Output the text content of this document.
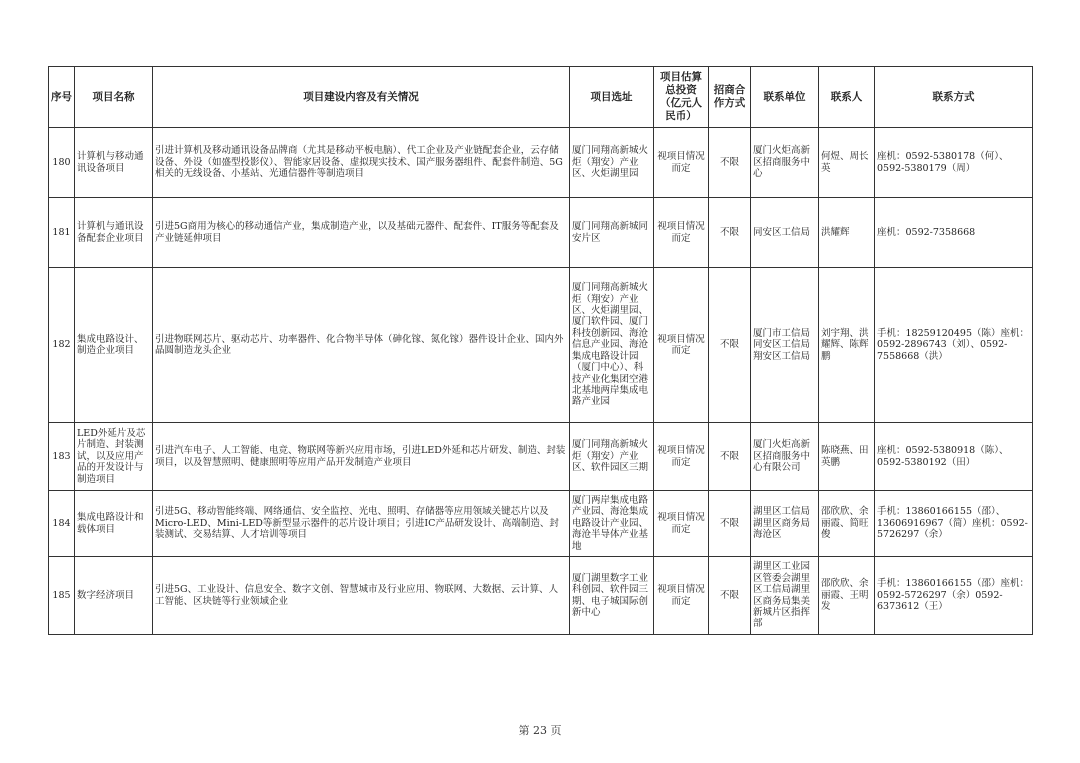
序号	项目名称	项目建设内容及有关情况	项目选址	项目估算总投资（亿元人民币）	招商合作方式	联系单位	联系人	联系方式
180	计算机与移动通讯设备项目	引进计算机及移动通讯设备品牌商（尤其是移动平板电脑）、代工企业及产业链配套企业，云存储设备、外设（如盛型投影仪）、智能家居设备、虚拟现实技术、国产服务器组件、配套件制造、5G相关的无线设备、小基站、光通信器件等制造项目	厦门同翔高新城火炬（翔安）产业区、火炬湖里园	视项目情况而定	不限	厦门火炬高新区招商服务中心	何煜、周长英	座机：0592-5380178（何）、0592-5380179（周）
181	计算机与通讯设备配套企业项目	引进5G商用为核心的移动通信产业，集成制造产业，以及基础元器件、配套件、IT服务等配套及产业链延伸项目	厦门同翔高新城同安片区	视项目情况而定	不限	同安区工信局	洪耀辉	座机：0592-7358668
182	集成电路设计、制造企业项目	引进物联网芯片、驱动芯片、功率器件、化合物半导体（砷化镓、氮化镓）器件设计企业、国内外晶圆制造龙头企业	厦门同翔高新城火炬（翔安）产业区、火炬湖里园、厦门软件园、厦门科技创新园、海沧信息产业园、海沧集成电路设计园（厦门中心）、科技产业化集团空港北基地两岸集成电路产业园	视项目情况而定	不限	厦门市工信局同安区工信局翔安区工信局	刘宇翔、洪耀辉、陈辉鹏	手机：18259120495（陈）座机：0592-2896743（刘）、0592-7558668（洪）
183	LED外延片及芯片制造、封装测试，以及应用产品的开发设计与制造项目	引进汽车电子、人工智能、电竞、物联网等新兴应用市场，引进LED外延和芯片研发、制造、封装项目，以及智慧照明、健康照明等应用产品开发制造产业项目	厦门同翔高新城火炬（翔安）产业区、软件园区三期	视项目情况而定	不限	厦门火炬高新区招商服务中心有限公司	陈晓燕、田英鹏	座机：0592-5380918（陈）、0592-5380192（田）
184	集成电路设计和载体项目	引进5G、移动智能终端、网络通信、安全监控、光电、照明、存储器等应用领域关键芯片以及Micro-LED、Mini-LED等新型显示器件的芯片设计项目；引进IC产品研发设计、高端制造、封装测试、交易结算、人才培训等项目	厦门两岸集成电路产业园、海沧集成电路设计产业园、海沧半导体产业基地	视项目情况而定	不限	湖里区工信局湖里区商务局海沧区	邵欣欣、余丽霞、简旺俊	手机：13860166155（邵）、13606916967（简）座机：0592-5726297（余）
185	数字经济项目	引进5G、工业设计、信息安全、数字文创、智慧城市及行业应用、物联网、大数据、云计算、人工智能、区块链等行业领域企业	厦门湖里数字工业科创园、软件园三期、电子城国际创新中心	视项目情况而定	不限	湖里区工业园区管委会湖里区工信局湖里区商务局集美新城片区指挥部	邵欣欣、余丽霞、王明发	手机：13860166155（邵）座机：0592-5726297（余）0592-6373612（王）
第 23 页
